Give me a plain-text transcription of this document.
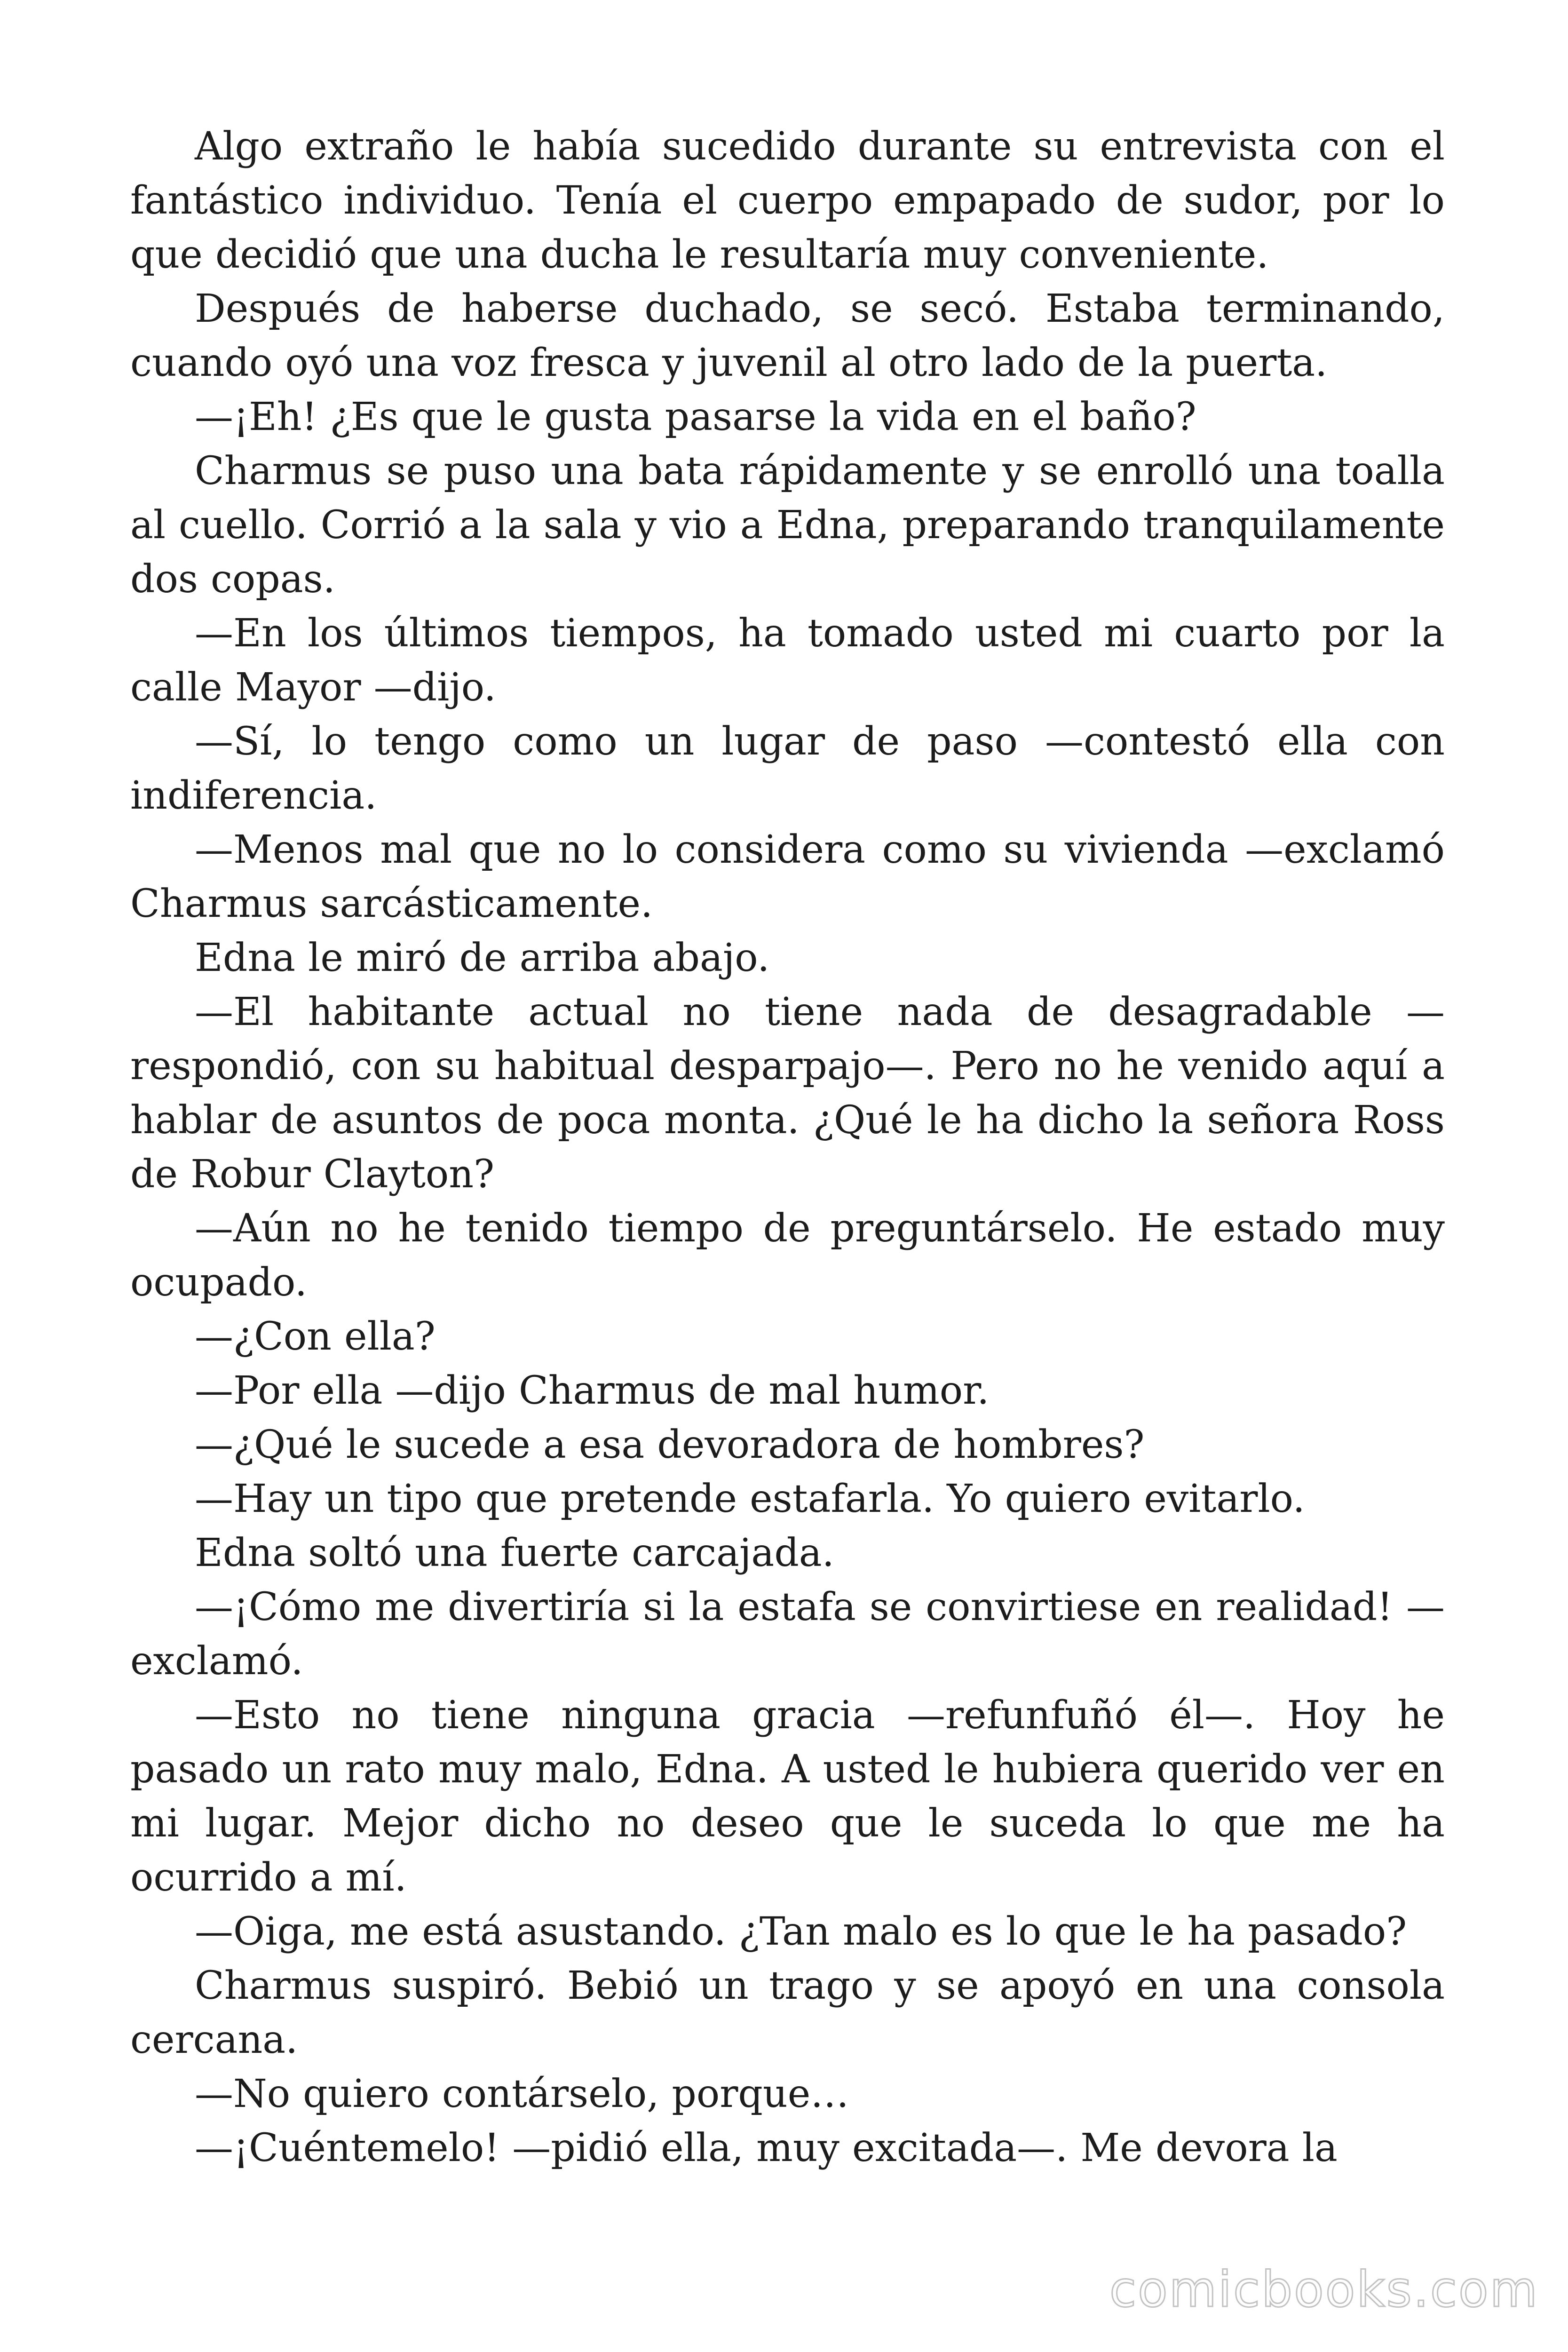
Algo extraño le había sucedido durante su entrevista con el fantástico individuo. Tenía el cuerpo empapado de sudor, por lo que decidió que una ducha le resultaría muy conveniente.

Después de haberse duchado, se secó. Estaba terminando, cuando oyó una voz fresca y juvenil al otro lado de la puerta.

—¡Eh! ¿Es que le gusta pasarse la vida en el baño?

Charmus se puso una bata rápidamente y se enrolló una toalla al cuello. Corrió a la sala y vio a Edna, preparando tranquilamente dos copas.

—En los últimos tiempos, ha tomado usted mi cuarto por la calle Mayor —dijo.

—Sí, lo tengo como un lugar de paso —contestó ella con indiferencia.

—Menos mal que no lo considera como su vivienda —exclamó Charmus sarcásticamente.

Edna le miró de arriba abajo.

—El habitante actual no tiene nada de desagradable — respondió, con su habitual desparpajo—. Pero no he venido aquí a hablar de asuntos de poca monta. ¿Qué le ha dicho la señora Ross de Robur Clayton?

—Aún no he tenido tiempo de preguntárselo. He estado muy ocupado.

—¿Con ella?

—Por ella —dijo Charmus de mal humor.

—¿Qué le sucede a esa devoradora de hombres?

—Hay un tipo que pretende estafarla. Yo quiero evitarlo.

Edna soltó una fuerte carcajada.

—¡Cómo me divertiría si la estafa se convirtiese en realidad! — exclamó.

—Esto no tiene ninguna gracia —refunfuñó él—. Hoy he pasado un rato muy malo, Edna. A usted le hubiera querido ver en mi lugar. Mejor dicho no deseo que le suceda lo que me ha ocurrido a mí.

—Oiga, me está asustando. ¿Tan malo es lo que le ha pasado?

Charmus suspiró. Bebió un trago y se apoyó en una consola cercana.

—No quiero contárselo, porque…

—¡Cuéntemelo! —pidió ella, muy excitada—. Me devora la

comicbooks.com
